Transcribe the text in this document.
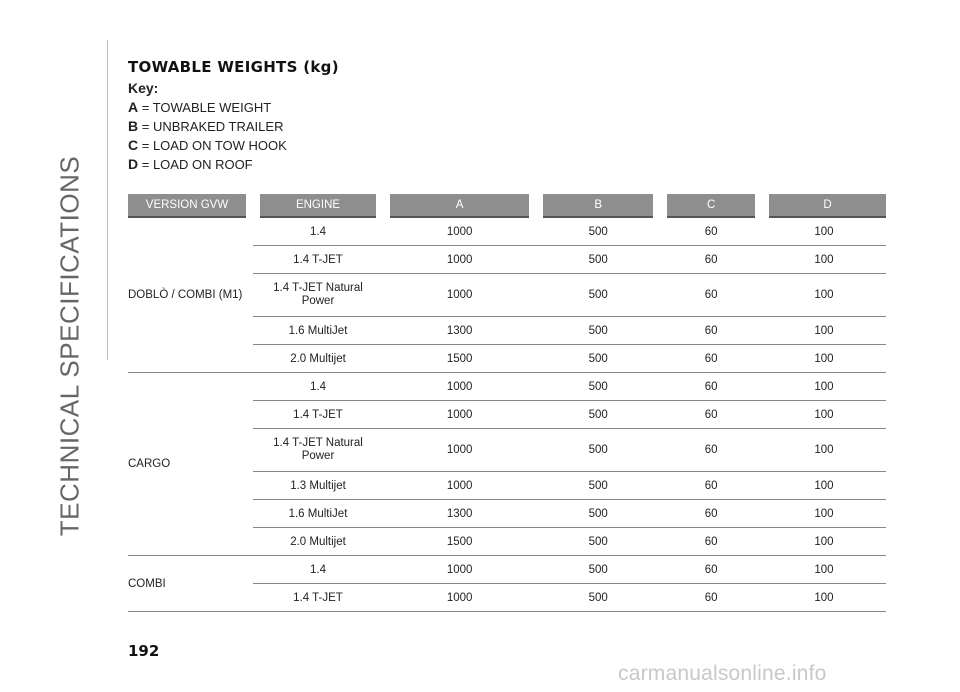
TECHNICAL SPECIFICATIONS
TOWABLE WEIGHTS (kg)
Key:
A = TOWABLE WEIGHT
B = UNBRAKED TRAILER
C = LOAD ON TOW HOOK
D = LOAD ON ROOF
VERSION GVW	ENGINE	A	B	C	D
DOBLÒ / COMBI (M1)	1.4	1000	500	60	100
	1.4 T-JET	1000	500	60	100
	1.4 T-JET Natural Power	1000	500	60	100
	1.6 MultiJet	1300	500	60	100
	2.0 Multijet	1500	500	60	100
CARGO	1.4	1000	500	60	100
	1.4 T-JET	1000	500	60	100
	1.4 T-JET Natural Power	1000	500	60	100
	1.3 Multijet	1000	500	60	100
	1.6 MultiJet	1300	500	60	100
	2.0 Multijet	1500	500	60	100
COMBI	1.4	1000	500	60	100
	1.4 T-JET	1000	500	60	100
192
carmanualsonline.info
